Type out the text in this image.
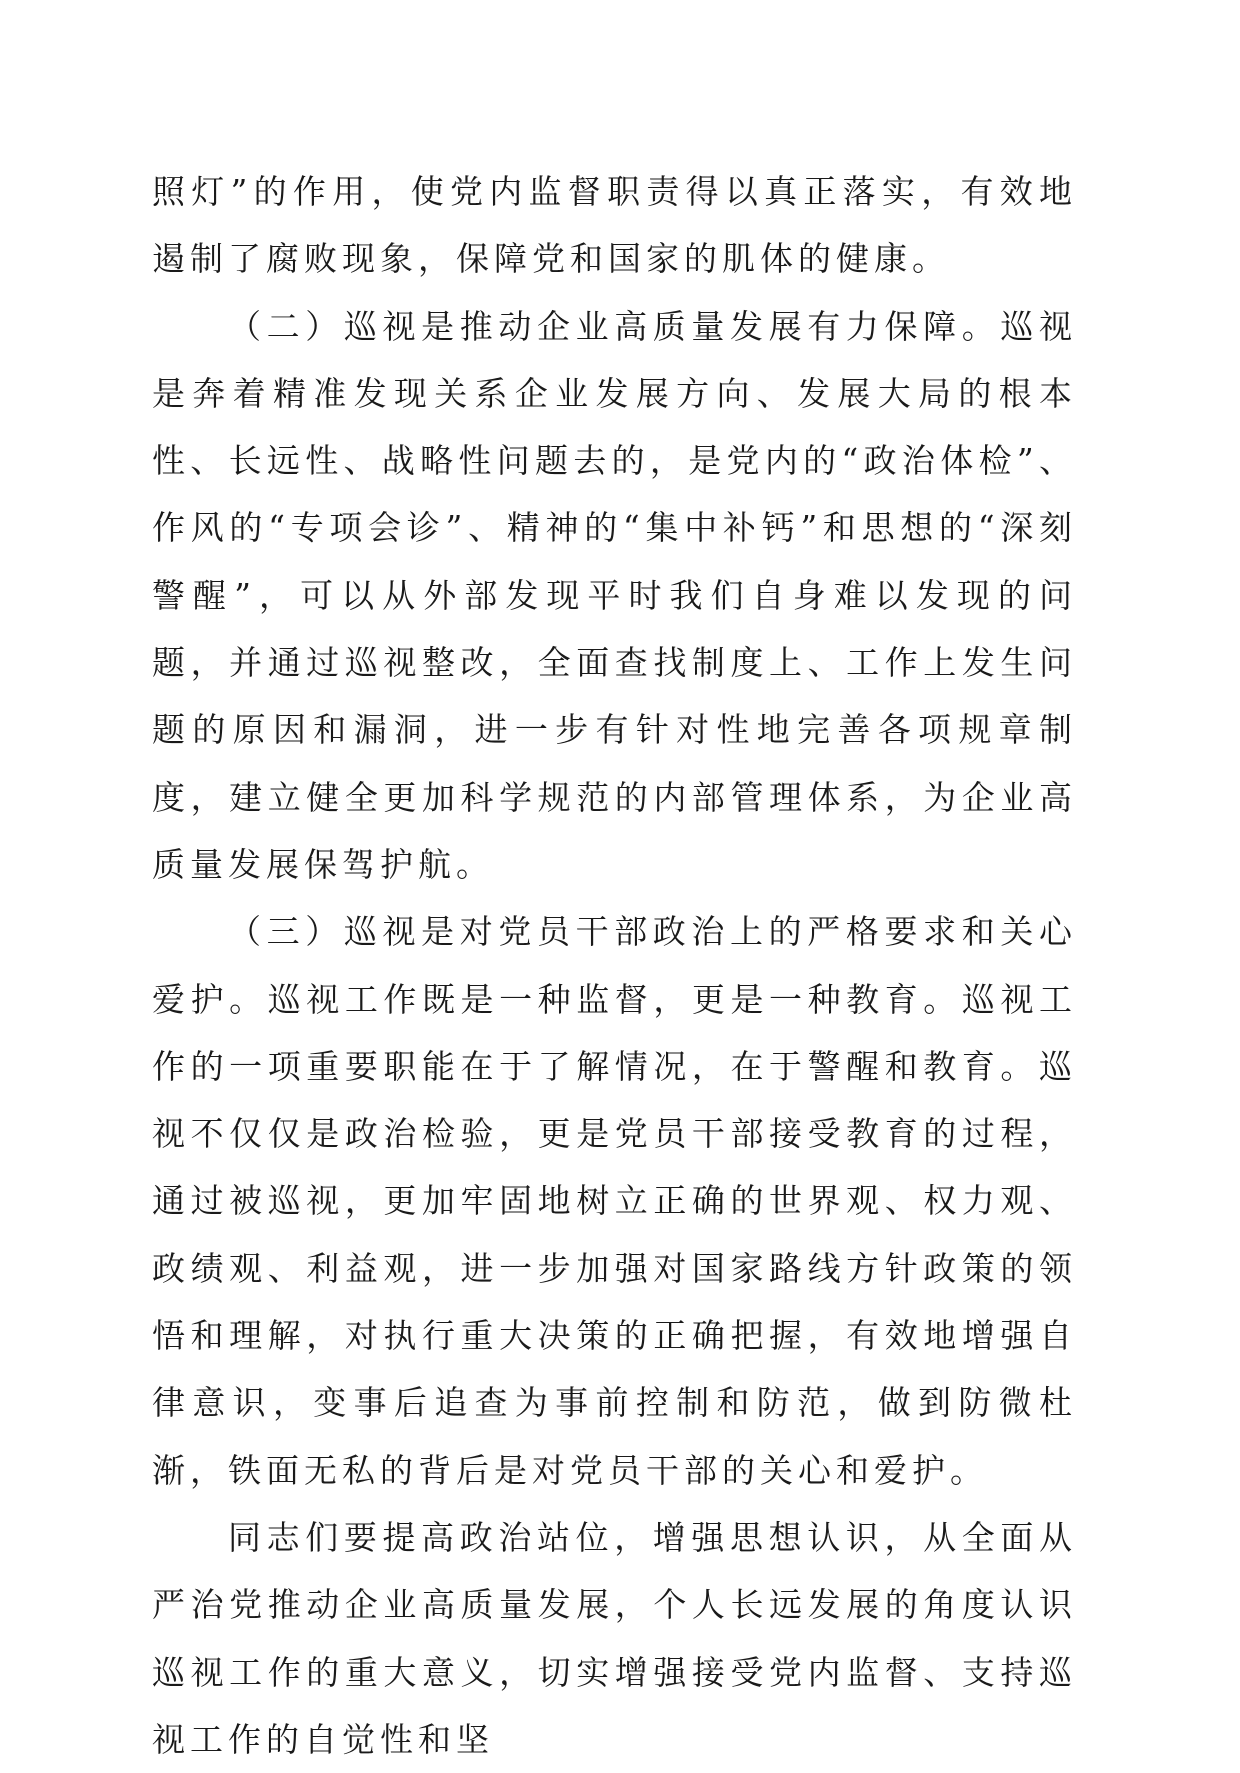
照灯”的作用，使党内监督职责得以真正落实，有效地遏制了腐败现象，保障党和国家的肌体的健康。

（二）巡视是推动企业高质量发展有力保障。巡视是奔着精准发现关系企业发展方向、发展大局的根本性、长远性、战略性问题去的，是党内的“政治体检”、作风的“专项会诊”、精神的“集中补钙”和思想的“深刻警醒”，可以从外部发现平时我们自身难以发现的问题，并通过巡视整改，全面查找制度上、工作上发生问题的原因和漏洞，进一步有针对性地完善各项规章制度，建立健全更加科学规范的内部管理体系，为企业高质量发展保驾护航。

（三）巡视是对党员干部政治上的严格要求和关心爱护。巡视工作既是一种监督，更是一种教育。巡视工作的一项重要职能在于了解情况，在于警醒和教育。巡视不仅仅是政治检验，更是党员干部接受教育的过程，通过被巡视，更加牢固地树立正确的世界观、权力观、政绩观、利益观，进一步加强对国家路线方针政策的领悟和理解，对执行重大决策的正确把握，有效地增强自律意识，变事后追查为事前控制和防范，做到防微杜渐，铁面无私的背后是对党员干部的关心和爱护。

同志们要提高政治站位，增强思想认识，从全面从严治党推动企业高质量发展，个人长远发展的角度认识巡视工作的重大意义，切实增强接受党内监督、支持巡视工作的自觉性和坚
